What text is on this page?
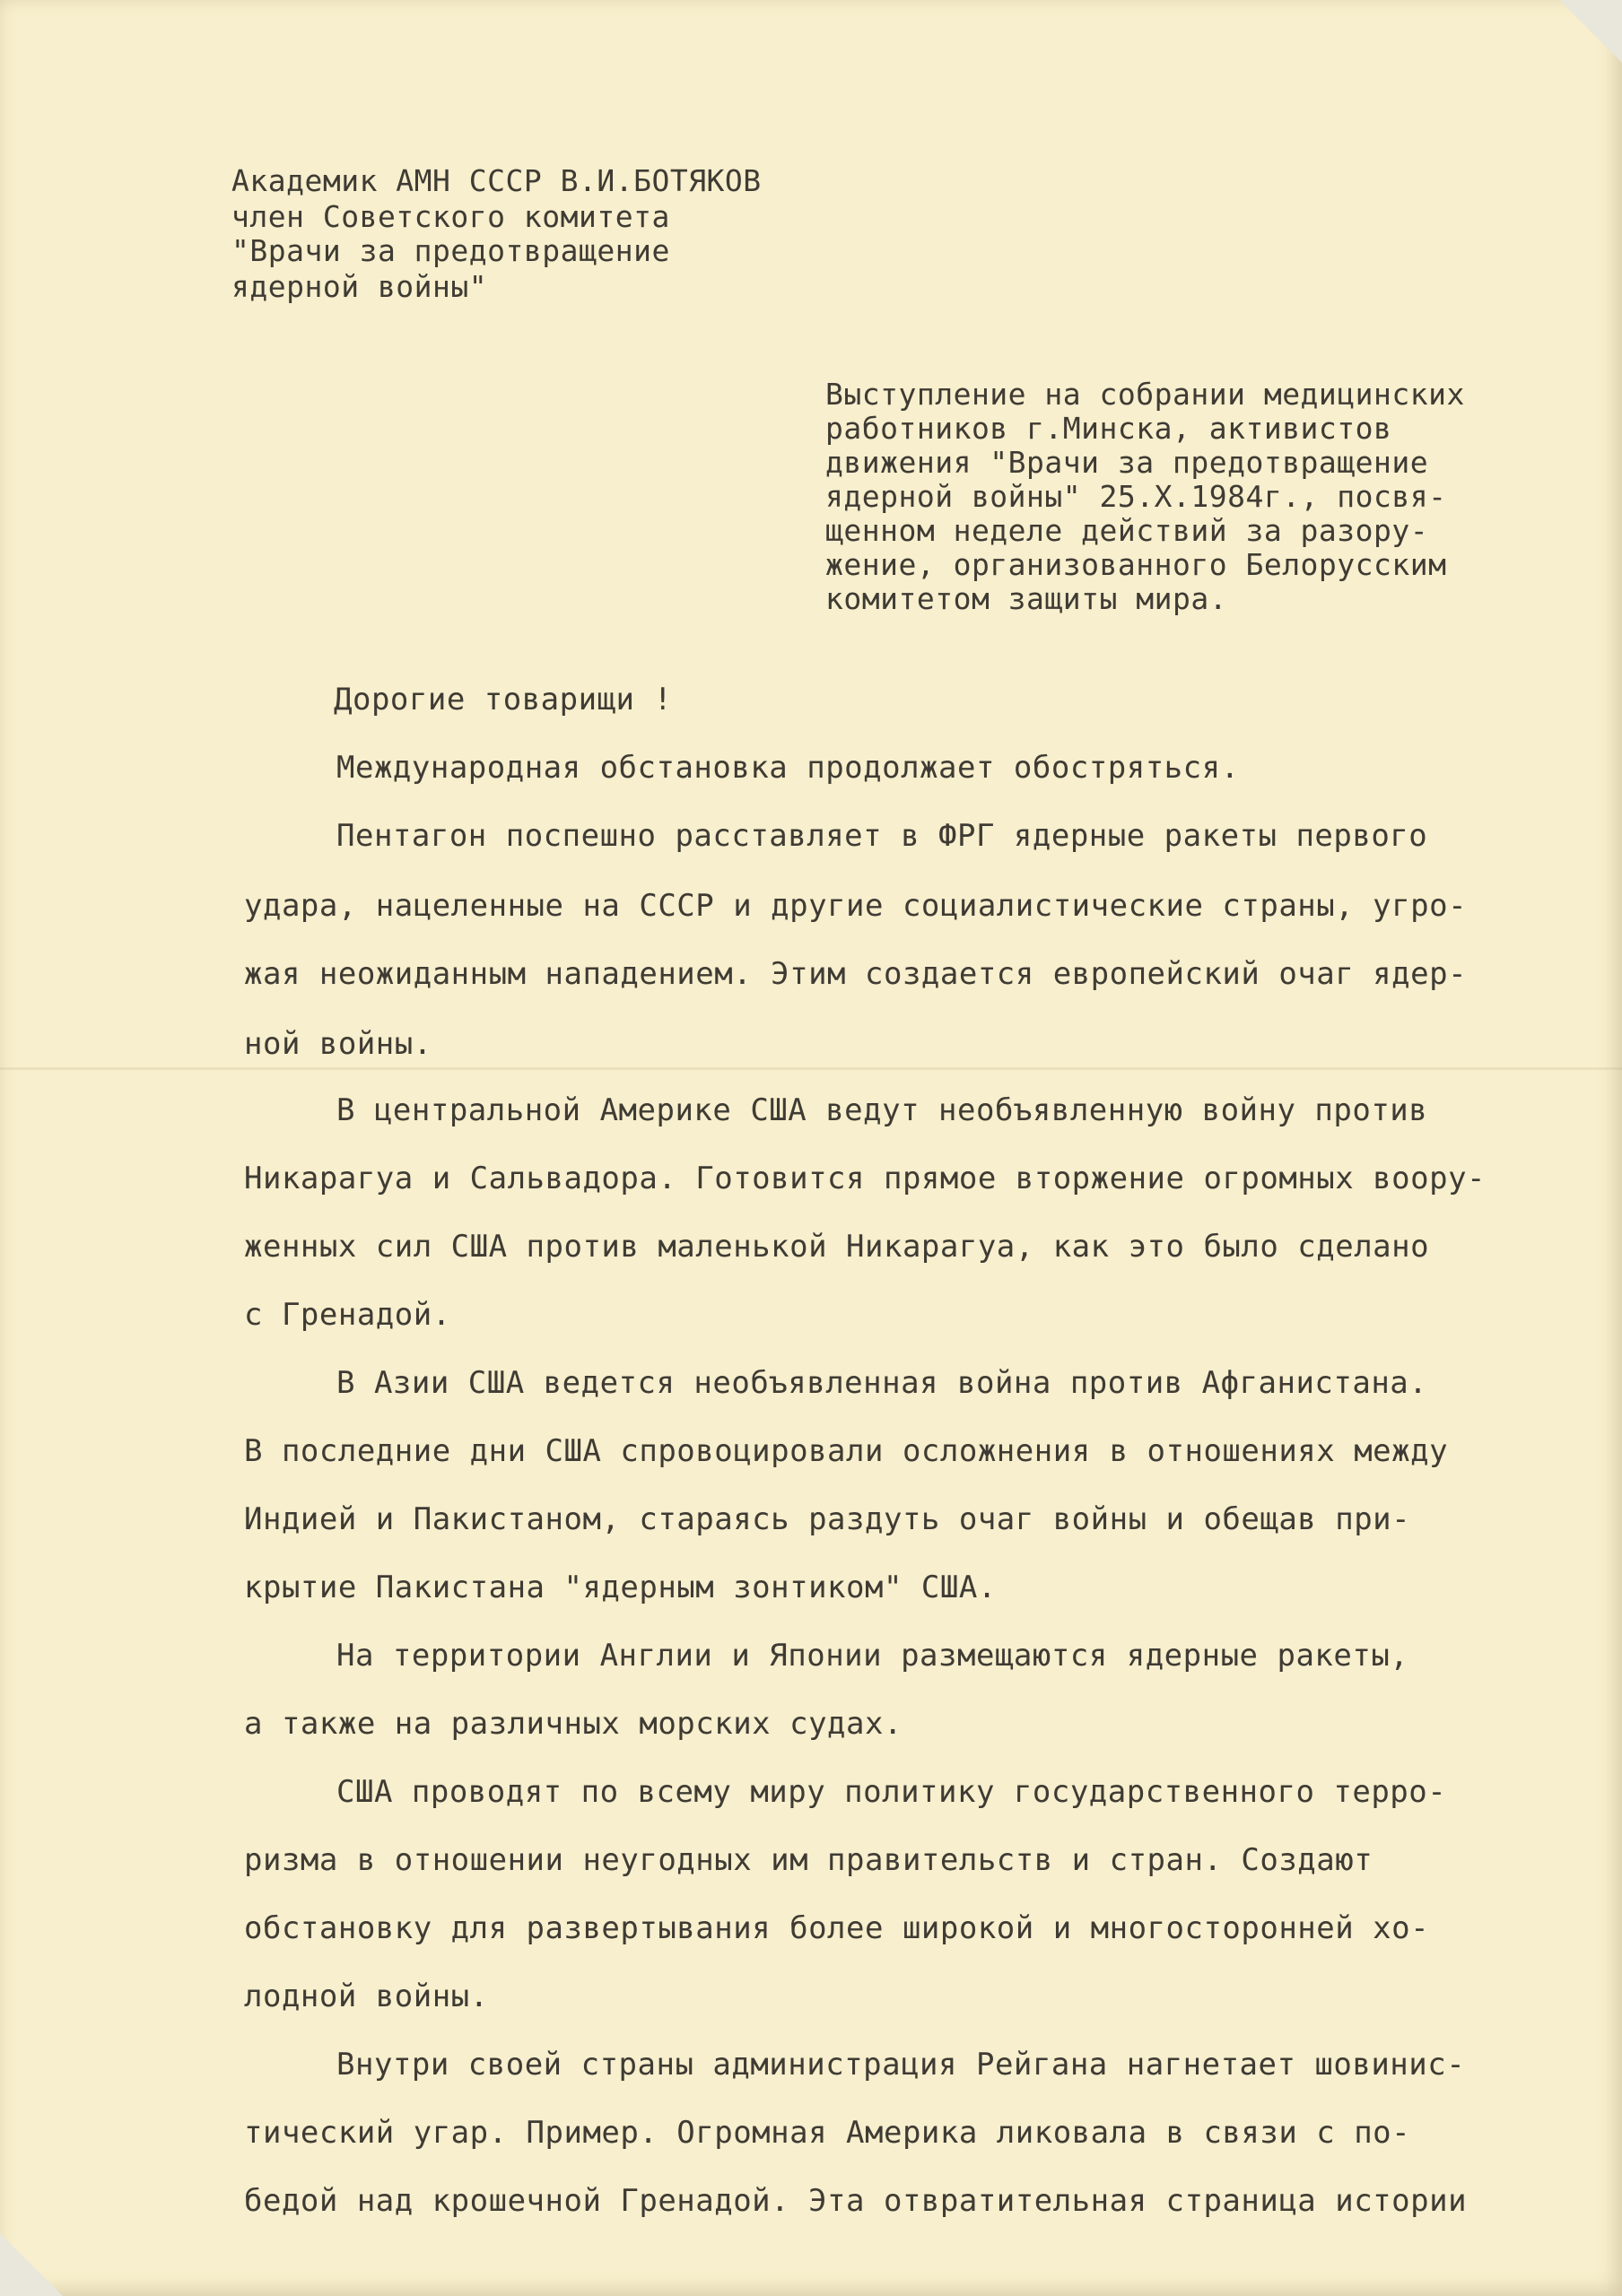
Академик АМН СССР В.И.БОТЯКОВ

член Советского комитета

"Врачи за предотвращение

ядерной войны"

Выступление на собрании медицинских

работников г.Минска, активистов

движения "Врачи за предотвращение

ядерной войны" 25.X.1984г., посвя-

щенном неделе действий за разору-

жение, организованного Белорусским

комитетом защиты мира.

Дорогие товарищи !

Международная обстановка продолжает обостряться.

Пентагон поспешно расставляет в ФРГ ядерные ракеты первого

удара, нацеленные на СССР и другие социалистические страны, угро-

жая неожиданным нападением. Этим создается европейский очаг ядер-

ной войны.

В центральной Америке США ведут необъявленную войну против

Никарагуа и Сальвадора. Готовится прямое вторжение огромных воору-

женных сил США против маленькой Никарагуа, как это было сделано

с Гренадой.

В Азии США ведется необъявленная война против Афганистана.

В последние дни США спровоцировали осложнения в отношениях между

Индией и Пакистаном, стараясь раздуть очаг войны и обещав при-

крытие Пакистана "ядерным зонтиком" США.

На территории Англии и Японии размещаются ядерные ракеты,

а также на различных морских судах.

США проводят по всему миру политику государственного терро-

ризма в отношении неугодных им правительств и стран. Создают

обстановку для развертывания более широкой и многосторонней хо-

лодной войны.

Внутри своей страны администрация Рейгана нагнетает шовинис-

тический угар. Пример. Огромная Америка ликовала в связи с по-

бедой над крошечной Гренадой. Эта отвратительная страница истории
